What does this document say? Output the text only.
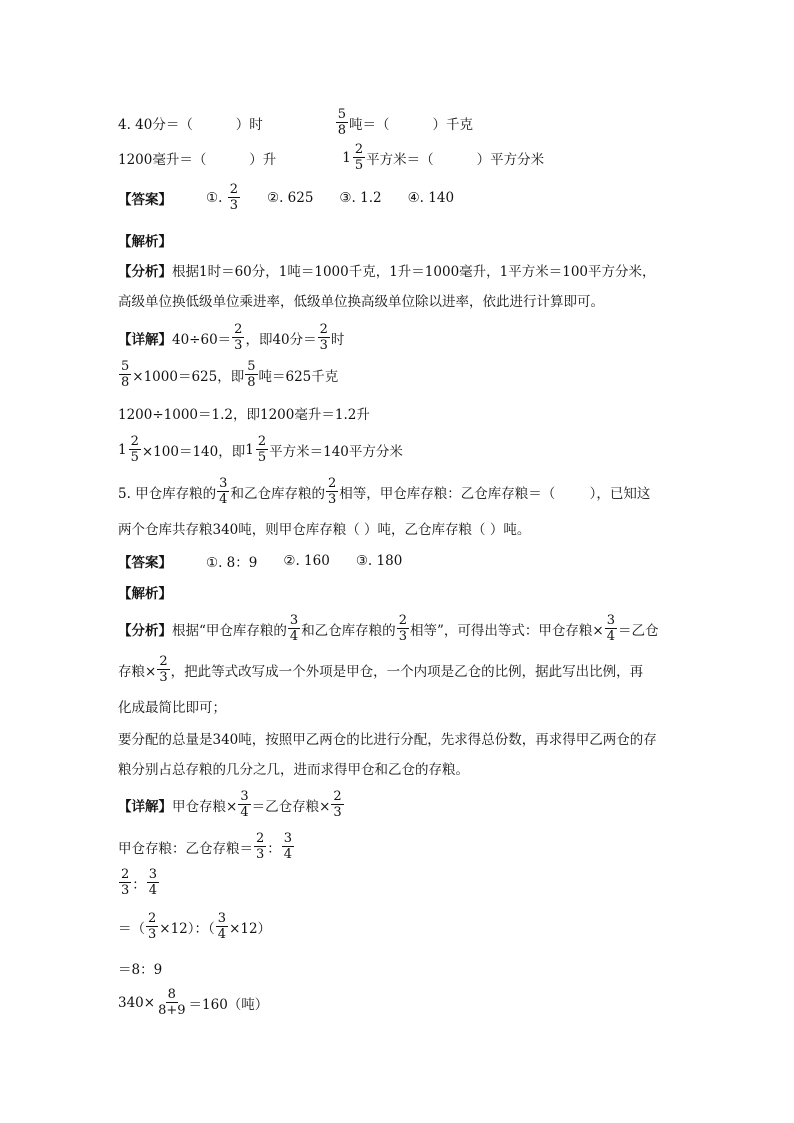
4. 40分＝（          ）时	$\frac{5}{8}$ 吨＝（          ）千克
1200毫升＝（          ）升	$1 \frac{2}{5}$ 平方米＝（          ）平方分米
【答案】	①. $\frac{2}{3}$ ②. 625 ③. 1.2 ④. 140
【解析】
【分析】 根据1时＝60分，1吨＝1000千克，1升＝1000毫升，1平方米＝100平方分米，
高级单位换低级单位乘进率，低级单位换高级单位除以进率，依此进行计算即可。
【详解】 $40\div 60= \frac{2}{3}$ ，即40分＝ $\frac{2}{3}$ 时
$\frac{5}{8} \times 1000=625$，即 $\frac{5}{8}$ 吨＝625千克
1200÷1000＝1.2，即1200毫升＝1.2升
$1 \frac{2}{5} \times 100=140$，即 $1 \frac{2}{5}$ 平方米＝140平方分米
5. 甲仓库存粮的 $\frac{3}{4}$ 和乙仓库存粮的 $\frac{2}{3}$ 相等，甲仓库存粮：乙仓库存粮＝（        ），已知这
两个仓库共存粮340吨，则甲仓库存粮（ ）吨，乙仓库存粮（ ）吨。
【答案】	①. 8：9 ②. 160 ③. 180
【解析】
【分析】 根据“甲仓库存粮的 $\frac{3}{4}$ 和乙仓库存粮的 $\frac{2}{3}$ 相等”，可得出等式：甲仓存粮× $\frac{3}{4}$ ＝乙仓
存粮× $\frac{2}{3}$ ，把此等式改写成一个外项是甲仓，一个内项是乙仓的比例，据此写出比例，再
化成最简比即可；
要分配的总量是340吨，按照甲乙两仓的比进行分配，先求得总份数，再求得甲乙两仓的存
粮分别占总存粮的几分之几，进而求得甲仓和乙仓的存粮。
【详解】 甲仓存粮× $\frac{3}{4}$ ＝乙仓存粮× $\frac{2}{3}$
甲仓存粮：乙仓存粮＝ $\frac{2}{3}$ ： $\frac{3}{4}$
$\frac{2}{3}$ ： $\frac{3}{4}$
＝（ $\frac{2}{3} \times 12$）：（ $\frac{3}{4} \times 12$）
＝8：9
$340\times \frac{8}{8+9} =160$（吨）
